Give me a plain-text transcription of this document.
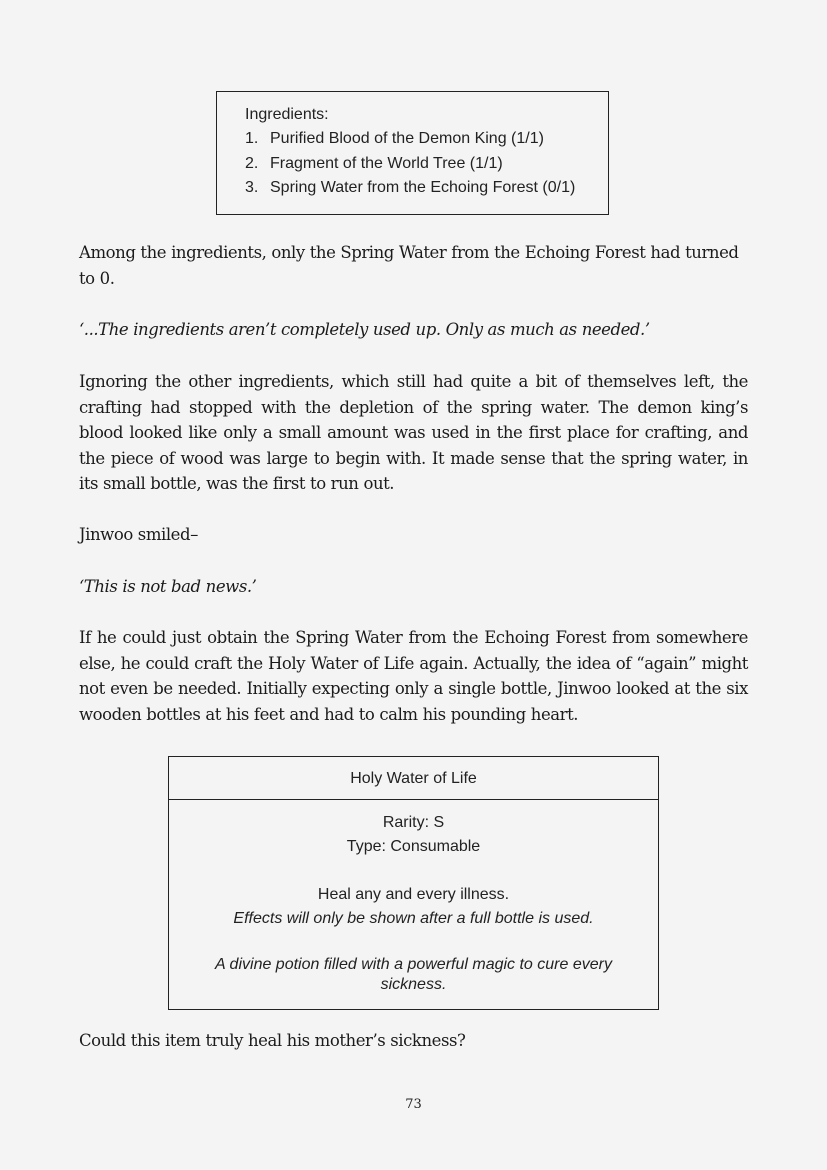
Ingredients:
1. Purified Blood of the Demon King (1/1)
2. Fragment of the World Tree (1/1)
3. Spring Water from the Echoing Forest (0/1)

Among the ingredients, only the Spring Water from the Echoing Forest had turned to 0.

‘...The ingredients aren’t completely used up. Only as much as needed.’

Ignoring the other ingredients, which still had quite a bit of themselves left, the crafting had stopped with the depletion of the spring water. The demon king’s blood looked like only a small amount was used in the first place for crafting, and the piece of wood was large to begin with. It made sense that the spring water, in its small bottle, was the first to run out.

Jinwoo smiled–

‘This is not bad news.’

If he could just obtain the Spring Water from the Echoing Forest from somewhere else, he could craft the Holy Water of Life again. Actually, the idea of “again” might not even be needed. Initially expecting only a single bottle, Jinwoo looked at the six wooden bottles at his feet and had to calm his pounding heart.

Holy Water of Life
Rarity: S
Type: Consumable
Heal any and every illness.
Effects will only be shown after a full bottle is used.
A divine potion filled with a powerful magic to cure every sickness.

Could this item truly heal his mother’s sickness?

73
